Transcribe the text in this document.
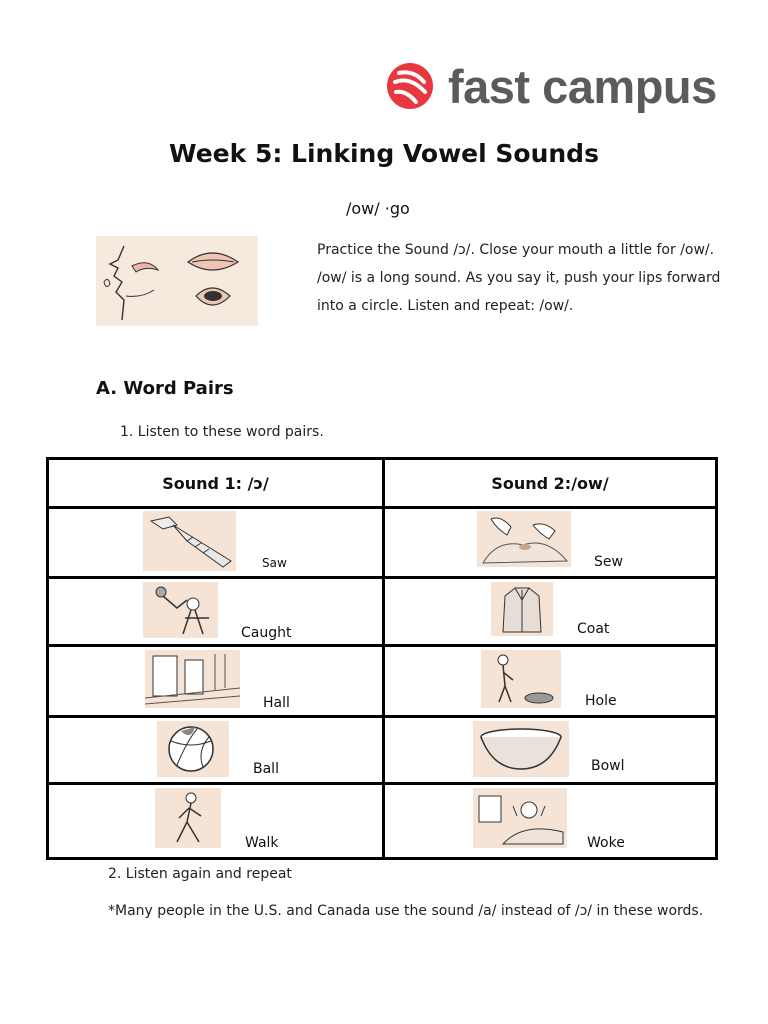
fast campus
Week 5: Linking Vowel Sounds
/ow/ ·go
Practice the Sound /ɔ/. Close your mouth a little for /ow/.
/ow/ is a long sound. As you say it, push your lips forward
into a circle. Listen and repeat: /ow/.
A. Word Pairs
1. Listen to these word pairs.
Sound 1: /ɔ/	Sound 2:/ow/
Saw	Sew
Caught	Coat
Hall	Hole
Ball	Bowl
Walk	Woke
2. Listen again and repeat
*Many people in the U.S. and Canada use the sound /a/ instead of /ɔ/ in these words.
